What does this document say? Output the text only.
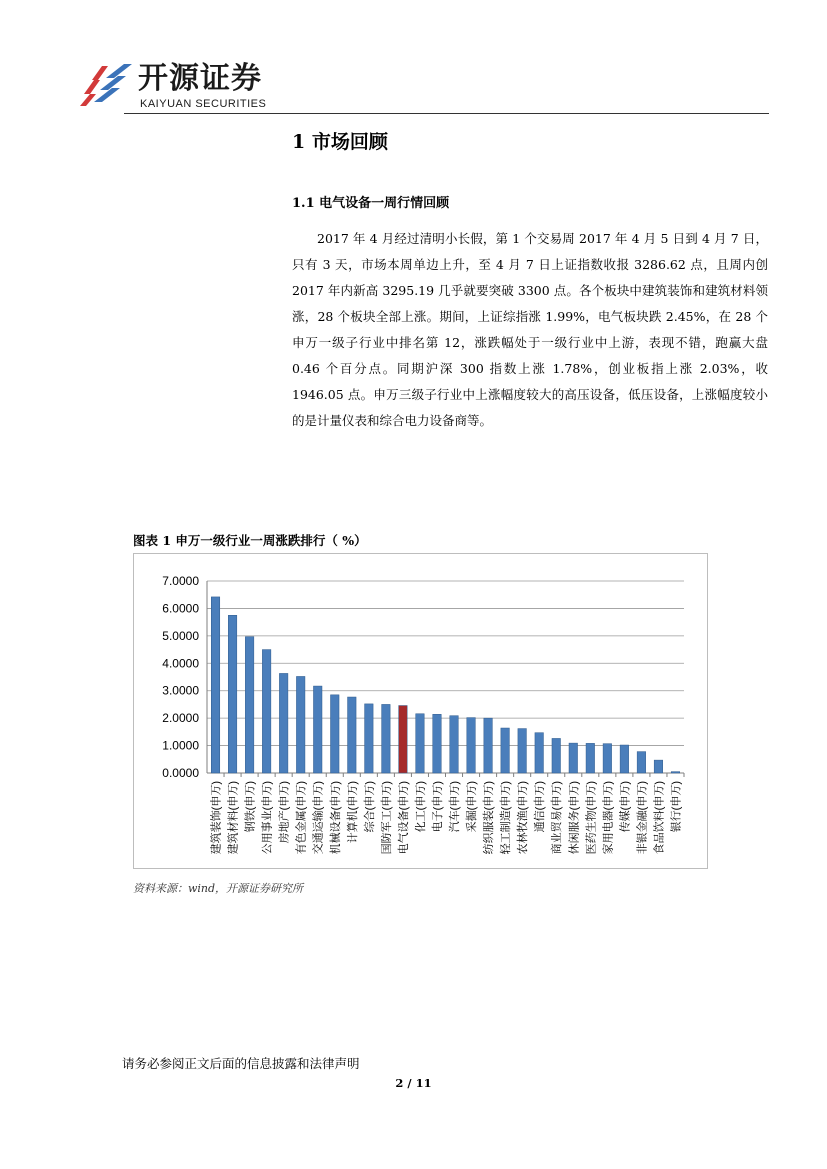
开源证券
KAIYUAN SECURITIES
1 市场回顾
1.1 电气设备一周行情回顾
2017 年 4 月经过清明小长假，第 1 个交易周 2017 年 4 月 5 日到 4 月 7 日，只有 3 天，市场本周单边上升，至 4 月 7 日上证指数收报 3286.62 点，且周内创 2017 年内新高 3295.19 几乎就要突破 3300 点。各个板块中建筑装饰和建筑材料领涨，28 个板块全部上涨。期间，上证综指涨 1.99%，电气板块跌 2.45%，在 28 个申万一级子行业中排名第 12，涨跌幅处于一级行业中上游，表现不错，跑赢大盘 0.46 个百分点。同期沪深 300 指数上涨 1.78%，创业板指上涨 2.03%，收 1946.05 点。申万三级子行业中上涨幅度较大的高压设备，低压设备，上涨幅度较小的是计量仪表和综合电力设备商等。
图表 1 申万一级行业一周涨跌排行（ %）
0.0000
1.0000
2.0000
3.0000
4.0000
5.0000
6.0000
7.0000
建筑装饰(申万) 建筑材料(申万) 钢铁(申万) 公用事业(申万) 房地产(申万) 有色金属(申万) 交通运输(申万) 机械设备(申万) 计算机(申万) 综合(申万) 国防军工(申万) 电气设备(申万) 化工(申万) 电子(申万) 汽车(申万) 采掘(申万) 纺织服装(申万) 轻工制造(申万) 农林牧渔(申万) 通信(申万) 商业贸易(申万) 休闲服务(申万) 医药生物(申万) 家用电器(申万) 传媒(申万) 非银金融(申万) 食品饮料(申万) 银行(申万)
资料来源：wind，开源证券研究所
请务必参阅正文后面的信息披露和法律声明
2 / 11
